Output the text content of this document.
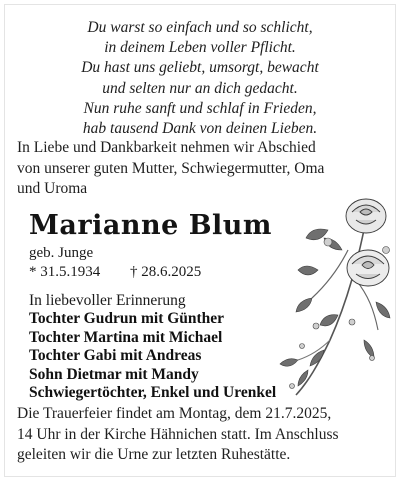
Du warst so einfach und so schlicht,
in deinem Leben voller Pflicht.
Du hast uns geliebt, umsorgt, bewacht
und selten nur an dich gedacht.
Nun ruhe sanft und schlaf in Frieden,
hab tausend Dank von deinen Lieben.
In Liebe und Dankbarkeit nehmen wir Abschied
von unserer guten Mutter, Schwiegermutter, Oma
und Uroma
Marianne Blum
geb. Junge
* 31.5.1934 † 28.6.2025
In liebevoller Erinnerung
Tochter Gudrun mit Günther
Tochter Martina mit Michael
Tochter Gabi mit Andreas
Sohn Dietmar mit Mandy
Schwiegertöchter, Enkel und Urenkel
Die Trauerfeier findet am Montag, dem 21.7.2025,
14 Uhr in der Kirche Hähnichen statt. Im Anschluss
geleiten wir die Urne zur letzten Ruhestätte.
